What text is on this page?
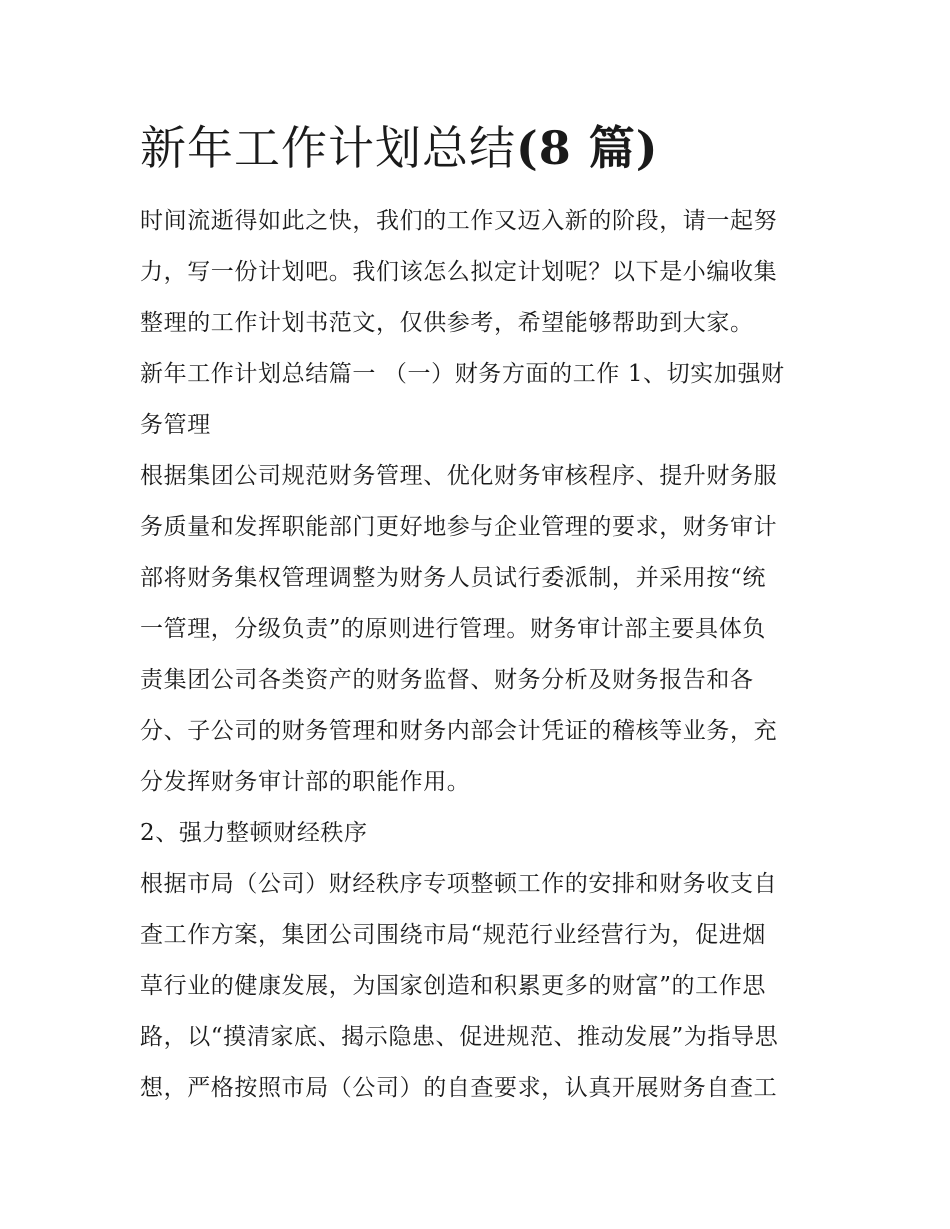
新年工作计划总结(8 篇)
时间流逝得如此之快，我们的工作又迈入新的阶段，请一起努
力，写一份计划吧。我们该怎么拟定计划呢？以下是小编收集
整理的工作计划书范文，仅供参考，希望能够帮助到大家。
新年工作计划总结篇一 （一）财务方面的工作 1、切实加强财
务管理
根据集团公司规范财务管理、优化财务审核程序、提升财务服
务质量和发挥职能部门更好地参与企业管理的要求，财务审计
部将财务集权管理调整为财务人员试行委派制，并采用按“统
一管理，分级负责”的原则进行管理。财务审计部主要具体负
责集团公司各类资产的财务监督、财务分析及财务报告和各
分、子公司的财务管理和财务内部会计凭证的稽核等业务，充
分发挥财务审计部的职能作用。
2、强力整顿财经秩序
根据市局（公司）财经秩序专项整顿工作的安排和财务收支自
查工作方案，集团公司围绕市局“规范行业经营行为，促进烟
草行业的健康发展，为国家创造和积累更多的财富”的工作思
路，以“摸清家底、揭示隐患、促进规范、推动发展”为指导思
想，严格按照市局（公司）的自查要求，认真开展财务自查工
